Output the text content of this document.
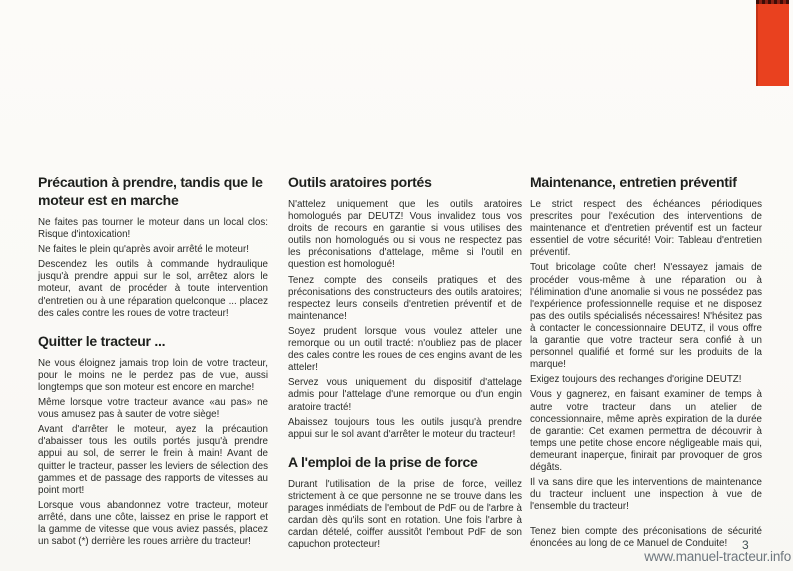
Précaution à prendre, tandis que le moteur est en marche

Ne faites pas tourner le moteur dans un local clos: Risque d'intoxication!

Ne faites le plein qu'après avoir arrêté le moteur!

Descendez les outils à commande hydraulique jusqu'à prendre appui sur le sol, arrêtez alors le moteur, avant de procéder à toute intervention d'entretien ou à une réparation quelconque ... placez des cales contre les roues de votre tracteur!

Quitter le tracteur ...

Ne vous éloignez jamais trop loin de votre tracteur, pour le moins ne le perdez pas de vue, aussi longtemps que son moteur est encore en marche!

Même lorsque votre tracteur avance «au pas» ne vous amusez pas à sauter de votre siège!

Avant d'arrêter le moteur, ayez la précaution d'abaisser tous les outils portés jusqu'à prendre appui au sol, de serrer le frein à main! Avant de quitter le tracteur, passer les leviers de sélection des gammes et de passage des rapports de vitesses au point mort!

Lorsque vous abandonnez votre tracteur, moteur arrêté, dans une côte, laissez en prise le rapport et la gamme de vitesse que vous aviez passés, placez un sabot (*) derrière les roues arrière du tracteur!

Outils aratoires portés

N'attelez uniquement que les outils aratoires homologués par DEUTZ! Vous invalidez tous vos droits de recours en garantie si vous utilises des outils non homologués ou si vous ne respectez pas les préconisations d'attelage, même si l'outil en question est homologué!

Tenez compte des conseils pratiques et des préconisations des constructeurs des outils aratoires; respectez leurs conseils d'entretien préventif et de maintenance!

Soyez prudent lorsque vous voulez atteler une remorque ou un outil tracté: n'oubliez pas de placer des cales contre les roues de ces engins avant de les atteler!

Servez vous uniquement du dispositif d'attelage admis pour l'attelage d'une remorque ou d'un engin aratoire tracté!

Abaissez toujours tous les outils jusqu'à prendre appui sur le sol avant d'arrêter le moteur du tracteur!

A l'emploi de la prise de force

Durant l'utilisation de la prise de force, veillez strictement à ce que personne ne se trouve dans les parages inmédiats de l'embout de PdF ou de l'arbre à cardan dès qu'ils sont en rotation. Une fois l'arbre à cardan dételé, coiffer aussitôt l'embout PdF de son capuchon protecteur!

Maintenance, entretien préventif

Le strict respect des échéances périodiques prescrites pour l'exécution des interventions de maintenance et d'entretien préventif est un facteur essentiel de votre sécurité! Voir: Tableau d'entretien préventif.

Tout bricolage coûte cher! N'essayez jamais de procéder vous-même à une réparation ou à l'élimination d'une anomalie si vous ne possédez pas l'expérience professionnelle requise et ne disposez pas des outils spécialisés nécessaires! N'hésitez pas à contacter le concessionnaire DEUTZ, il vous offre la garantie que votre tracteur sera confié à un personnel qualifié et formé sur les produits de la marque!

Exigez toujours des rechanges d'origine DEUTZ!

Vous y gagnerez, en faisant examiner de temps à autre votre tracteur dans un atelier de concessionnaire, même après expiration de la durée de garantie: Cet examen permettra de découvrir à temps une petite chose encore négligeable mais qui, demeurant inaperçue, finirait par provoquer de gros dégâts.

Il va sans dire que les interventions de maintenance du tracteur incluent une inspection à vue de l'ensemble du tracteur!

Tenez bien compte des préconisations de sécurité énoncées au long de ce Manuel de Conduite!	3
www.manuel-tracteur.info
